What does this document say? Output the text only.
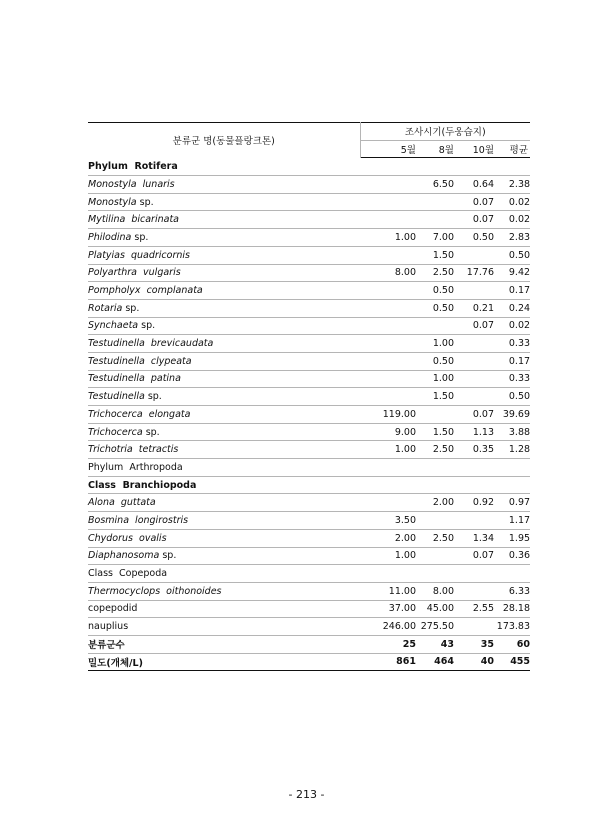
분류군 명(동물플랑크톤)	조사시기(두웅습지)			
	5월	8월	10월	평균
Phylum  Rotifera				
Monostyla  lunaris		6.50	0.64	2.38
Monostyla sp.			0.07	0.02
Mytilina  bicarinata			0.07	0.02
Philodina sp.	1.00	7.00	0.50	2.83
Platyias  quadricornis		1.50		0.50
Polyarthra  vulgaris	8.00	2.50	17.76	9.42
Pompholyx  complanata		0.50		0.17
Rotaria sp.		0.50	0.21	0.24
Synchaeta sp.			0.07	0.02
Testudinella  brevicaudata		1.00		0.33
Testudinella  clypeata		0.50		0.17
Testudinella  patina		1.00		0.33
Testudinella sp.		1.50		0.50
Trichocerca  elongata	119.00		0.07	39.69
Trichocerca sp.	9.00	1.50	1.13	3.88
Trichotria  tetractis	1.00	2.50	0.35	1.28
Phylum  Arthropoda				
Class  Branchiopoda				
Alona  guttata		2.00	0.92	0.97
Bosmina  longirostris	3.50			1.17
Chydorus  ovalis	2.00	2.50	1.34	1.95
Diaphanosoma sp.	1.00		0.07	0.36
Class  Copepoda				
Thermocyclops  oithonoides	11.00	8.00		6.33
copepodid	37.00	45.00	2.55	28.18
nauplius	246.00	275.50		173.83
분류군수	25	43	35	60
밀도(개체/L)	861	464	40	455
- 213 -
